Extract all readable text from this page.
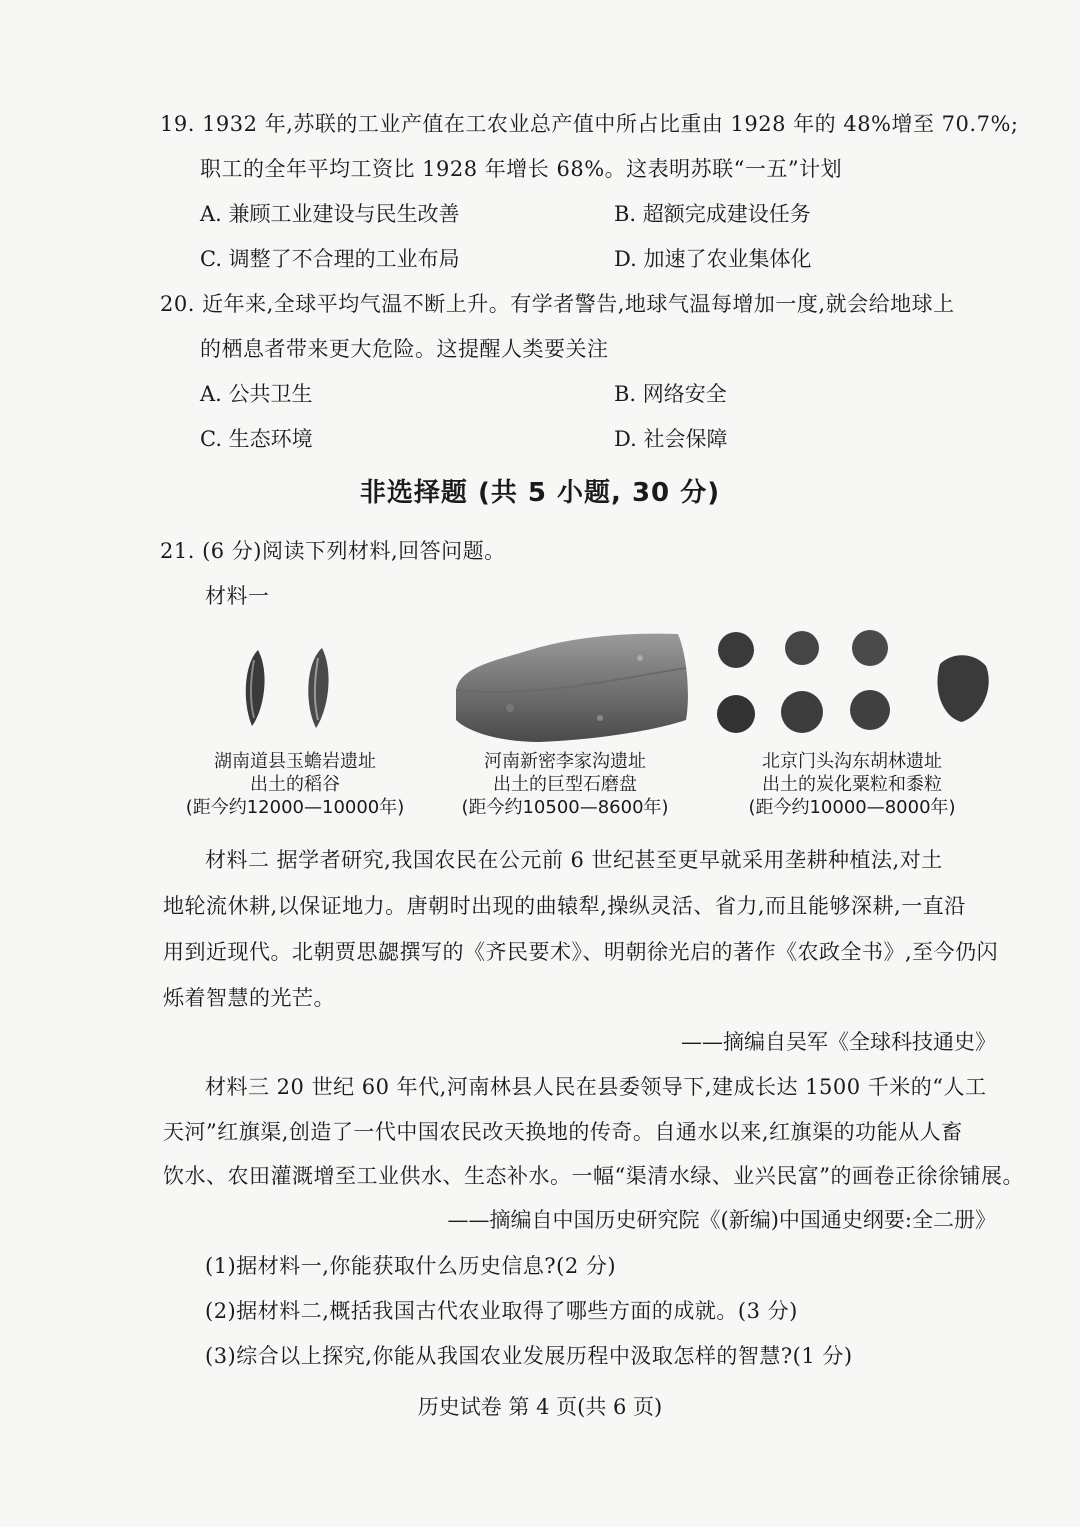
19. 1932 年,苏联的工业产值在工农业总产值中所占比重由 1928 年的 48%增至 70.7%;
职工的全年平均工资比 1928 年增长 68%。这表明苏联“一五”计划
A. 兼顾工业建设与民生改善	B. 超额完成建设任务
C. 调整了不合理的工业布局	D. 加速了农业集体化
20. 近年来,全球平均气温不断上升。有学者警告,地球气温每增加一度,就会给地球上
的栖息者带来更大危险。这提醒人类要关注
A. 公共卫生	B. 网络安全
C. 生态环境	D. 社会保障
非选择题 (共 5 小题, 30 分)
21. (6 分)阅读下列材料,回答问题。
材料一
湖南道县玉蟾岩遗址
出土的稻谷
(距今约12000—10000年)
河南新密李家沟遗址
出土的巨型石磨盘
(距今约10500—8600年)
北京门头沟东胡林遗址
出土的炭化粟粒和黍粒
(距今约10000—8000年)
材料二 据学者研究,我国农民在公元前 6 世纪甚至更早就采用垄耕种植法,对土
地轮流休耕,以保证地力。唐朝时出现的曲辕犁,操纵灵活、省力,而且能够深耕,一直沿
用到近现代。北朝贾思勰撰写的《齐民要术》、明朝徐光启的著作《农政全书》,至今仍闪
烁着智慧的光芒。
——摘编自吴军《全球科技通史》
材料三 20 世纪 60 年代,河南林县人民在县委领导下,建成长达 1500 千米的“人工
天河”红旗渠,创造了一代中国农民改天换地的传奇。自通水以来,红旗渠的功能从人畜
饮水、农田灌溉增至工业供水、生态补水。一幅“渠清水绿、业兴民富”的画卷正徐徐铺展。
——摘编自中国历史研究院《(新编)中国通史纲要:全二册》
(1)据材料一,你能获取什么历史信息?(2 分)
(2)据材料二,概括我国古代农业取得了哪些方面的成就。(3 分)
(3)综合以上探究,你能从我国农业发展历程中汲取怎样的智慧?(1 分)
历史试卷 第 4 页(共 6 页)
